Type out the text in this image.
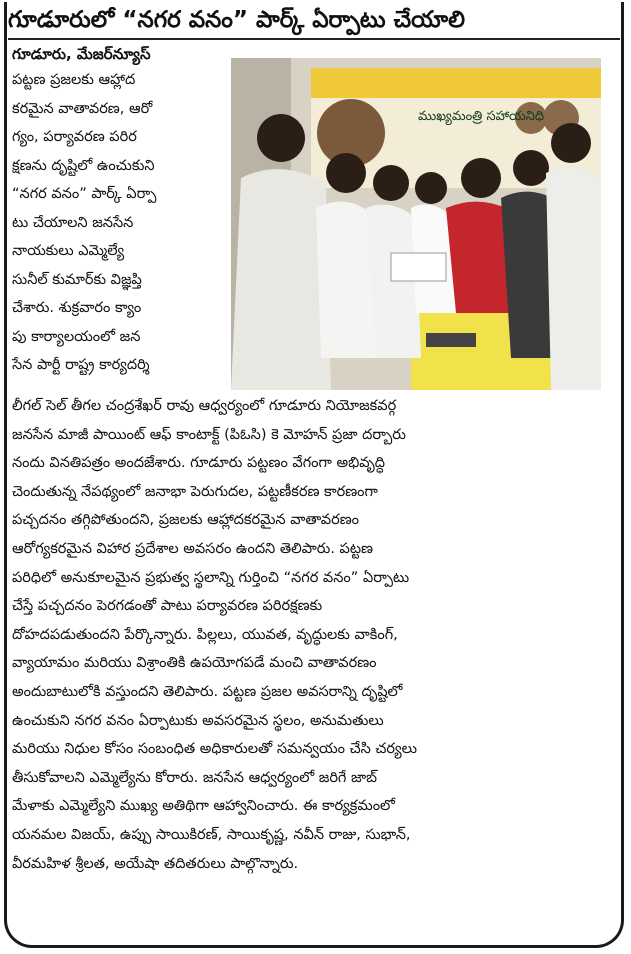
గూడూరులో “నగర వనం” పార్క్ ఏర్పాటు చేయాలి
గూడూరు, మేజర్‌న్యూస్
పట్టణ ప్రజలకు ఆహ్లాద
కరమైన వాతావరణ, ఆరో
గ్యం, పర్యావరణ పరిర
క్షణను దృష్టిలో ఉంచుకుని
“నగర వనం” పార్క్ ఏర్పా
టు చేయాలని జనసేన
నాయకులు ఎమ్మెల్యే
సునీల్ కుమార్‌కు విజ్ఞప్తి
చేశారు. శుక్రవారం క్యాం
పు కార్యాలయంలో జన
సేన పార్టీ రాష్ట్ర కార్యదర్శి
ముఖ్యమంత్రి సహాయనిధి
లీగల్ సెల్ తీగల చంద్రశేఖర్ రావు ఆధ్వర్యంలో గూడూరు నియోజకవర్గ
జనసేన మాజీ పాయింట్ ఆఫ్ కాంటాక్ట్ (పిఓసి) కె మోహన్ ప్రజా దర్బారు
నందు వినతిపత్రం అందజేశారు. గూడూరు పట్టణం వేగంగా అభివృద్ధి
చెందుతున్న నేపథ్యంలో జనాభా పెరుగుదల, పట్టణీకరణ కారణంగా
పచ్చదనం తగ్గిపోతుందని, ప్రజలకు ఆహ్లాదకరమైన వాతావరణం
ఆరోగ్యకరమైన విహార ప్రదేశాల అవసరం ఉందని తెలిపారు. పట్టణ
పరిధిలో అనుకూలమైన ప్రభుత్వ స్థలాన్ని గుర్తించి “నగర వనం” ఏర్పాటు
చేస్తే పచ్చదనం పెరగడంతో పాటు పర్యావరణ పరిరక్షణకు
దోహదపడుతుందని పేర్కొన్నారు. పిల్లలు, యువత, వృద్ధులకు వాకింగ్,
వ్యాయామం మరియు విశ్రాంతికి ఉపయోగపడే మంచి వాతావరణం
అందుబాటులోకి వస్తుందని తెలిపారు. పట్టణ ప్రజల అవసరాన్ని దృష్టిలో
ఉంచుకుని నగర వనం ఏర్పాటుకు అవసరమైన స్థలం, అనుమతులు
మరియు నిధుల కోసం సంబంధిత అధికారులతో సమన్వయం చేసి చర్యలు
తీసుకోవాలని ఎమ్మెల్యేను కోరారు. జనసేన ఆధ్వర్యంలో జరిగే జాబ్
మేళాకు ఎమ్మెల్యేని ముఖ్య అతిథిగా ఆహ్వానించారు. ఈ కార్యక్రమంలో
యనమల విజయ్, ఉప్పు సాయికిరణ్, సాయికృష్ణ, నవీన్ రాజు, సుభాన్,
వీరమహిళ శ్రీలత, అయేషా తదితరులు పాల్గొన్నారు.
